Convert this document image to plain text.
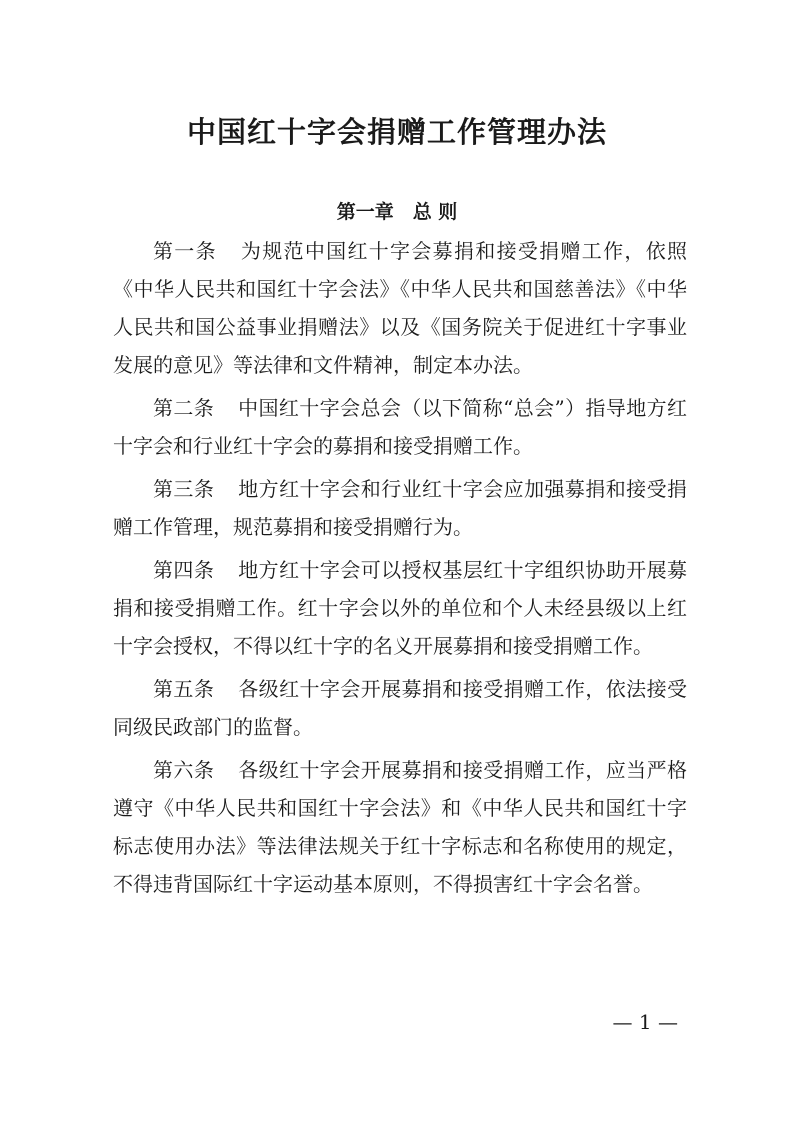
中国红十字会捐赠工作管理办法
第一章　总 则

第一条 为规范中国红十字会募捐和接受捐赠工作，依照《中华人民共和国红十字会法》《中华人民共和国慈善法》《中华人民共和国公益事业捐赠法》以及《国务院关于促进红十字事业发展的意见》等法律和文件精神，制定本办法。

第二条 中国红十字会总会（以下简称“总会”）指导地方红十字会和行业红十字会的募捐和接受捐赠工作。

第三条 地方红十字会和行业红十字会应加强募捐和接受捐赠工作管理，规范募捐和接受捐赠行为。

第四条 地方红十字会可以授权基层红十字组织协助开展募捐和接受捐赠工作。红十字会以外的单位和个人未经县级以上红十字会授权，不得以红十字的名义开展募捐和接受捐赠工作。

第五条 各级红十字会开展募捐和接受捐赠工作，依法接受同级民政部门的监督。

第六条 各级红十字会开展募捐和接受捐赠工作，应当严格遵守《中华人民共和国红十字会法》和《中华人民共和国红十字标志使用办法》等法律法规关于红十字标志和名称使用的规定，不得违背国际红十字运动基本原则，不得损害红十字会名誉。

— 1 —
